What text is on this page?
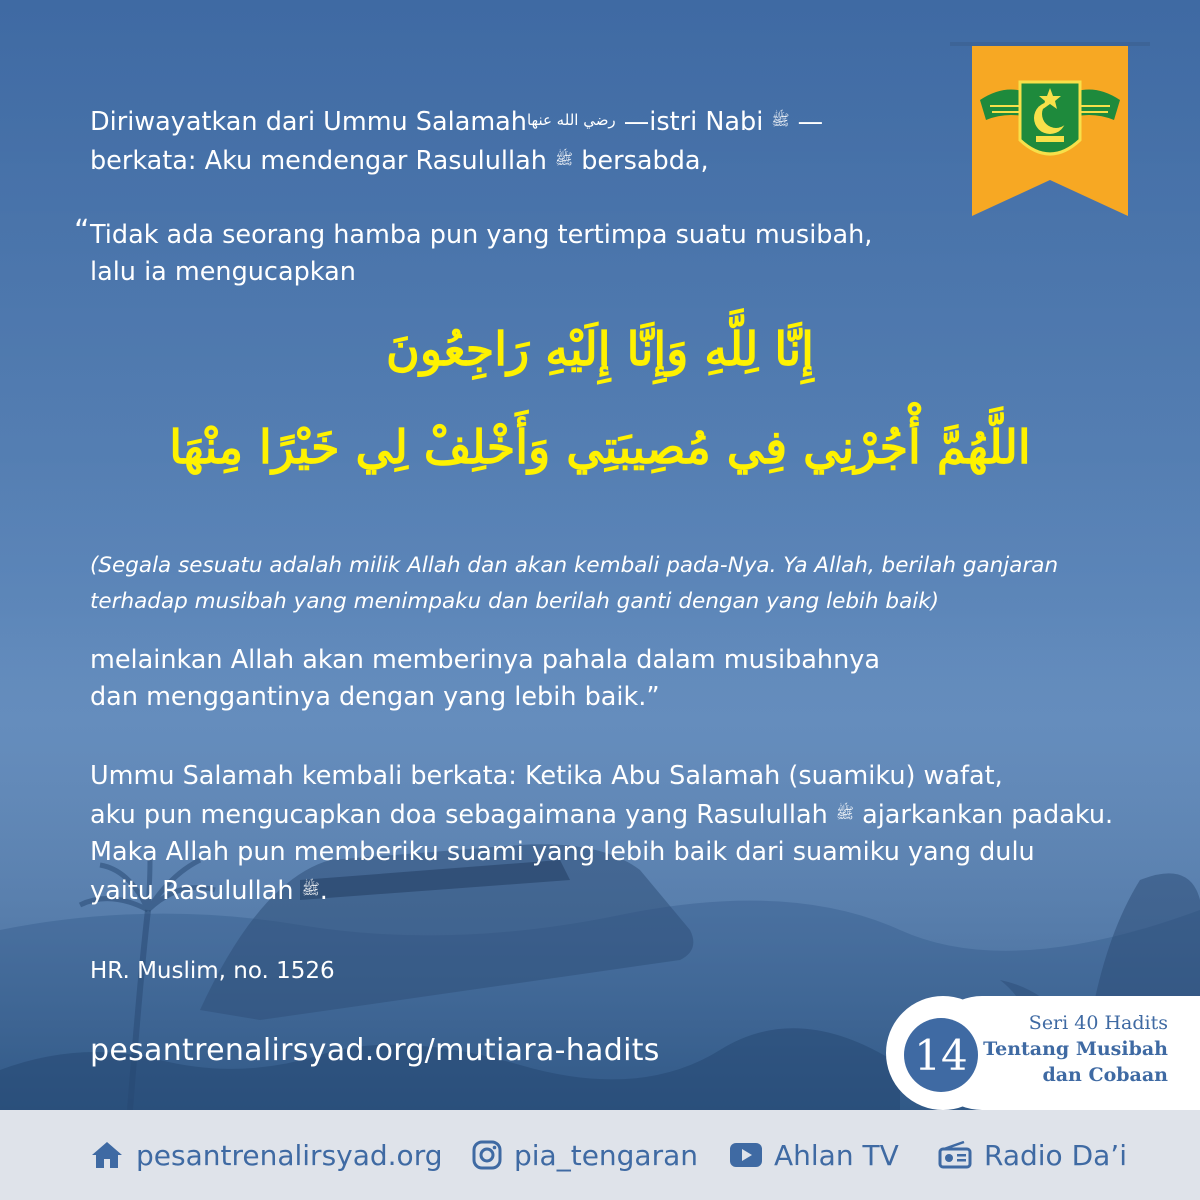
Diriwayatkan dari Ummu Salamahرضي الله عنها —istri Nabi ﷺ —
berkata: Aku mendengar Rasulullah ﷺ bersabda,
“ Tidak ada seorang hamba pun yang tertimpa suatu musibah,
lalu ia mengucapkan
إِنَّا لِلَّهِ وَإِنَّا إِلَيْهِ رَاجِعُونَ
اللَّهُمَّ أْجُرْنِي فِي مُصِيبَتِي وَأَخْلِفْ لِي خَيْرًا مِنْهَا
(Segala sesuatu adalah milik Allah dan akan kembali pada-Nya. Ya Allah, berilah ganjaran
terhadap musibah yang menimpaku dan berilah ganti dengan yang lebih baik)
melainkan Allah akan memberinya pahala dalam musibahnya
dan menggantinya dengan yang lebih baik.”
Ummu Salamah kembali berkata: Ketika Abu Salamah (suamiku) wafat,
aku pun mengucapkan doa sebagaimana yang Rasulullah ﷺ ajarkankan padaku.
Maka Allah pun memberiku suami yang lebih baik dari suamiku yang dulu
yaitu Rasulullah ﷺ.
HR. Muslim, no. 1526
pesantrenalirsyad.org/mutiara-hadits	14
Seri 40 Hadits
Tentang Musibah
dan Cobaan
pesantrenalirsyad.org	pia_tengaran	Ahlan TV	Radio Da’i
